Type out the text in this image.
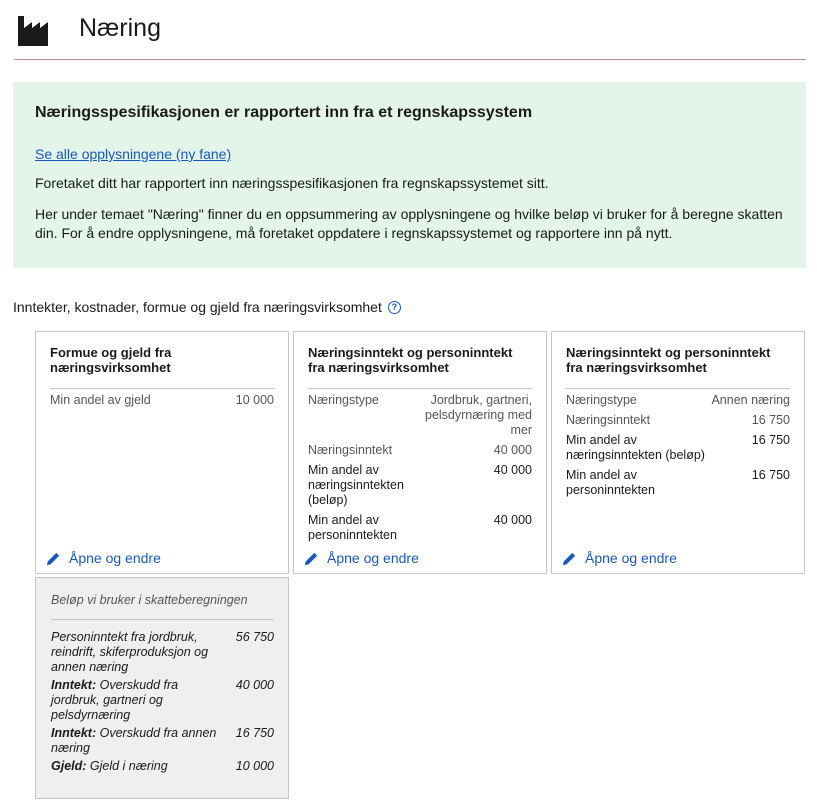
Næring
Næringsspesifikasjonen er rapportert inn fra et regnskapssystem
Se alle opplysningene (ny fane)

Foretaket ditt har rapportert inn næringsspesifikasjonen fra regnskapssystemet sitt.

Her under temaet "Næring" finner du en oppsummering av opplysningene og hvilke beløp vi bruker for å beregne skatten din. For å endre opplysningene, må foretaket oppdatere i regnskapssystemet og rapportere inn på nytt.

Inntekter, kostnader, formue og gjeld fra næringsvirksomhet	?
Formue og gjeld fra næringsvirksomhet
Min andel av gjeld	10 000
Åpne og endre
Næringsinntekt og personinntekt fra næringsvirksomhet
Næringstype	Jordbruk, gartneri, pelsdyrnæring med mer
Næringsinntekt	40 000
Min andel av næringsinntekten (beløp)	40 000
Min andel av personinntekten	40 000
Åpne og endre
Næringsinntekt og personinntekt fra næringsvirksomhet
Næringstype	Annen næring
Næringsinntekt	16 750
Min andel av næringsinntekten (beløp)	16 750
Min andel av personinntekten	16 750
Åpne og endre
Beløp vi bruker i skatteberegningen
Personinntekt fra jordbruk, reindrift, skiferproduksjon og annen næring	56 750
Inntekt: Overskudd fra jordbruk, gartneri og pelsdyrnæring	40 000
Inntekt: Overskudd fra annen næring	16 750
Gjeld: Gjeld i næring	10 000
